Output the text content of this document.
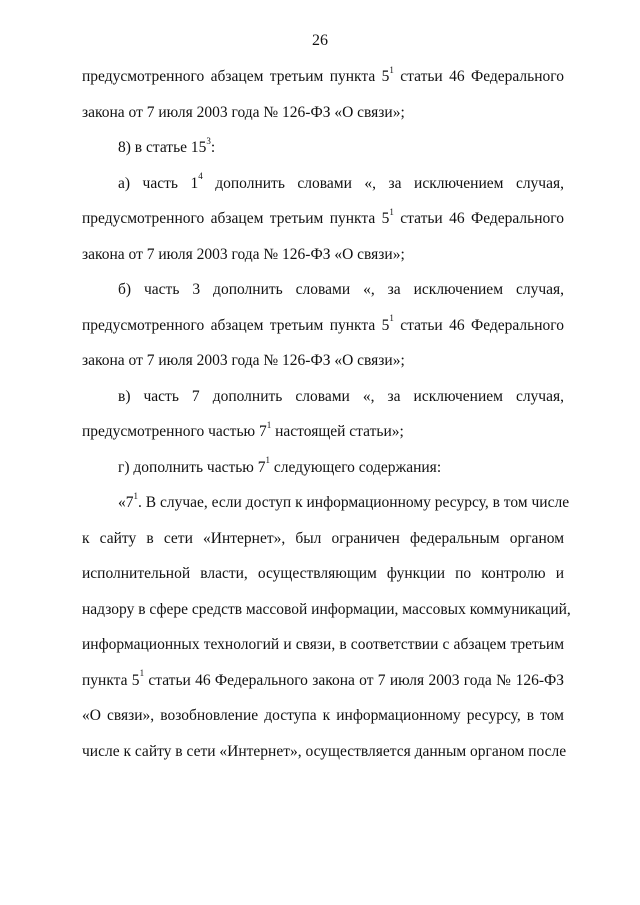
26
предусмотренного абзацем третьим пункта $5^1$ статьи 46 Федерального
закона от 7 июля 2003 года № 126-ФЗ «О связи»;
8) в статье $15^3$:
а) часть $1^4$ дополнить словами «, за исключением случая,
предусмотренного абзацем третьим пункта $5^1$ статьи 46 Федерального
закона от 7 июля 2003 года № 126-ФЗ «О связи»;
б) часть 3 дополнить словами «, за исключением случая,
предусмотренного абзацем третьим пункта $5^1$ статьи 46 Федерального
закона от 7 июля 2003 года № 126-ФЗ «О связи»;
в) часть 7 дополнить словами «, за исключением случая,
предусмотренного частью $7^1$ настоящей статьи»;
г) дополнить частью $7^1$ следующего содержания:
«$7^1$. В случае, если доступ к информационному ресурсу, в том числе
к сайту в сети «Интернет», был ограничен федеральным органом
исполнительной власти, осуществляющим функции по контролю и
надзору в сфере средств массовой информации, массовых коммуникаций,
информационных технологий и связи, в соответствии с абзацем третьим
пункта $5^1$ статьи 46 Федерального закона от 7 июля 2003 года № 126-ФЗ
«О связи», возобновление доступа к информационному ресурсу, в том
числе к сайту в сети «Интернет», осуществляется данным органом после
